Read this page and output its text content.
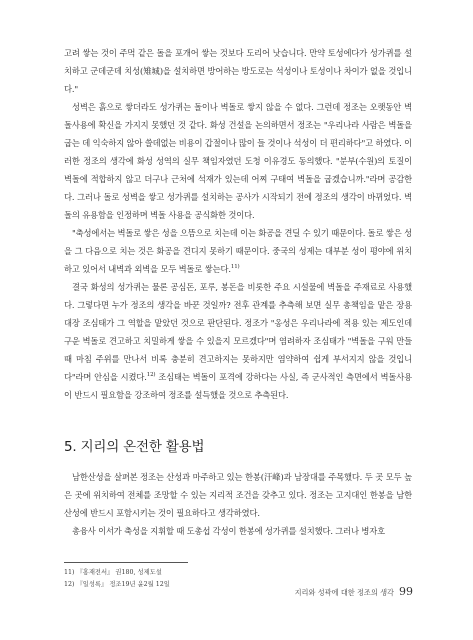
고려 쌓는 것이 주먹 같은 돌을 포개어 쌓는 것보다 도리어 낫습니다. 만약 토성에다가 성가퀴를 설치하고 군데군데 치성(雉城)을 설치하면 방어하는 방도로는 석성이나 토성이나 차이가 없을 것입니다."

성벽은 흙으로 쌓더라도 성가퀴는 돌이나 벽돌로 쌓지 않을 수 없다. 그런데 정조는 오랫동안 벽돌사용에 확신을 가지지 못했던 것 같다. 화성 건설을 논의하면서 정조는 "우리나라 사람은 벽돌을 굽는 데 익숙하지 않아 쓸데없는 비용이 갑절이나 많이 들 것이나 석성이 더 편리하다"고 하였다. 이러한 정조의 생각에 화성 성역의 실무 책임자였던 도청 이유경도 동의했다. "분부(수원)의 토질이 벽돌에 적합하지 않고 더구나 근처에 석재가 있는데 어찌 구태여 벽돌을 굽겠습니까."라며 공감한다. 그러나 돌로 성벽을 쌓고 성가퀴를 설치하는 공사가 시작되기 전에 정조의 생각이 바뀌었다. 벽돌의 유용함을 인정하며 벽돌 사용을 공식화한 것이다.

"축성에서는 벽돌로 쌓은 성을 으뜸으로 치는데 이는 화공을 견딜 수 있기 때문이다. 돌로 쌓은 성을 그 다음으로 치는 것은 화공을 견디지 못하기 때문이다. 중국의 성제는 대부분 성이 평야에 위치하고 있어서 내벽과 외벽을 모두 벽돌로 쌓는다.$^{11)}$

결국 화성의 성가퀴는 물론 공심돈, 포루, 봉돈을 비롯한 주요 시설물에 벽돌을 주재료로 사용했다. 그렇다면 누가 정조의 생각을 바꾼 것일까? 전후 관계를 추측해 보면 실무 총책임을 맡은 장용대장 조심태가 그 역할을 맡았던 것으로 판단된다. 정조가 "옹성은 우리나라에 적용 있는 제도인데 구운 벽돌로 견고하고 치밀하게 쌓을 수 있을지 모르겠다"며 염려하자 조심태가 "벽돌을 구워 만들 때 마침 주위를 만나서 비록 충분히 견고하지는 못하지만 염약하여 쉽게 부서지지 않을 것입니다"라며 안심을 시켰다.$^{12)}$ 조심태는 벽돌이 포격에 강하다는 사실, 즉 군사적인 측면에서 벽돌사용이 반드시 필요함을 강조하여 정조를 설득했을 것으로 추측된다.

5. 지리의 온전한 활용법

남한산성을 살펴본 정조는 산성과 마주하고 있는 한봉(汗峰)과 남장대를 주목했다. 두 곳 모두 높은 곳에 위치하여 전체를 조망할 수 있는 지리적 조건을 갖추고 있다. 정조는 고지대인 한봉을 남한산성에 반드시 포함시키는 것이 필요하다고 생각하였다.

총융사 이서가 축성을 지휘할 때 도총섭 각성이 한봉에 성가퀴를 설치했다. 그러나 병자호

11) 『홍재전서』 권180, 성제도설
12) 『일성록』 정조19년 윤2월 12일
지리와 성곽에 대한 정조의 생각 99
